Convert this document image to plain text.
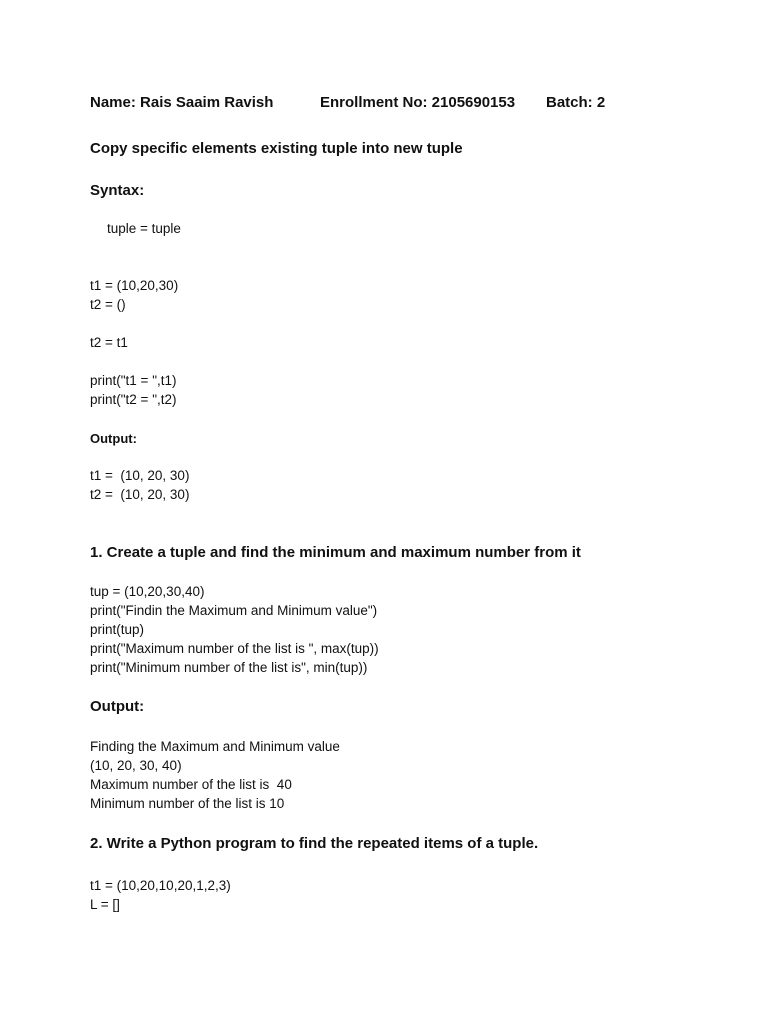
Name: Rais Saaim Ravish	Enrollment No: 2105690153 Batch: 2
Copy specific elements existing tuple into new tuple
Syntax:
tuple = tuple
t1 = (10,20,30)
t2 = ()
t2 = t1
print("t1 = ",t1)
print("t2 = ",t2)
Output:
t1 =  (10, 20, 30)
t2 =  (10, 20, 30)
1. Create a tuple and find the minimum and maximum number from it
tup = (10,20,30,40)
print("Findin the Maximum and Minimum value")
print(tup)
print("Maximum number of the list is ", max(tup))
print("Minimum number of the list is", min(tup))
Output:
Finding the Maximum and Minimum value
(10, 20, 30, 40)
Maximum number of the list is  40
Minimum number of the list is 10
2. Write a Python program to find the repeated items of a tuple.
t1 = (10,20,10,20,1,2,3)
L = []
